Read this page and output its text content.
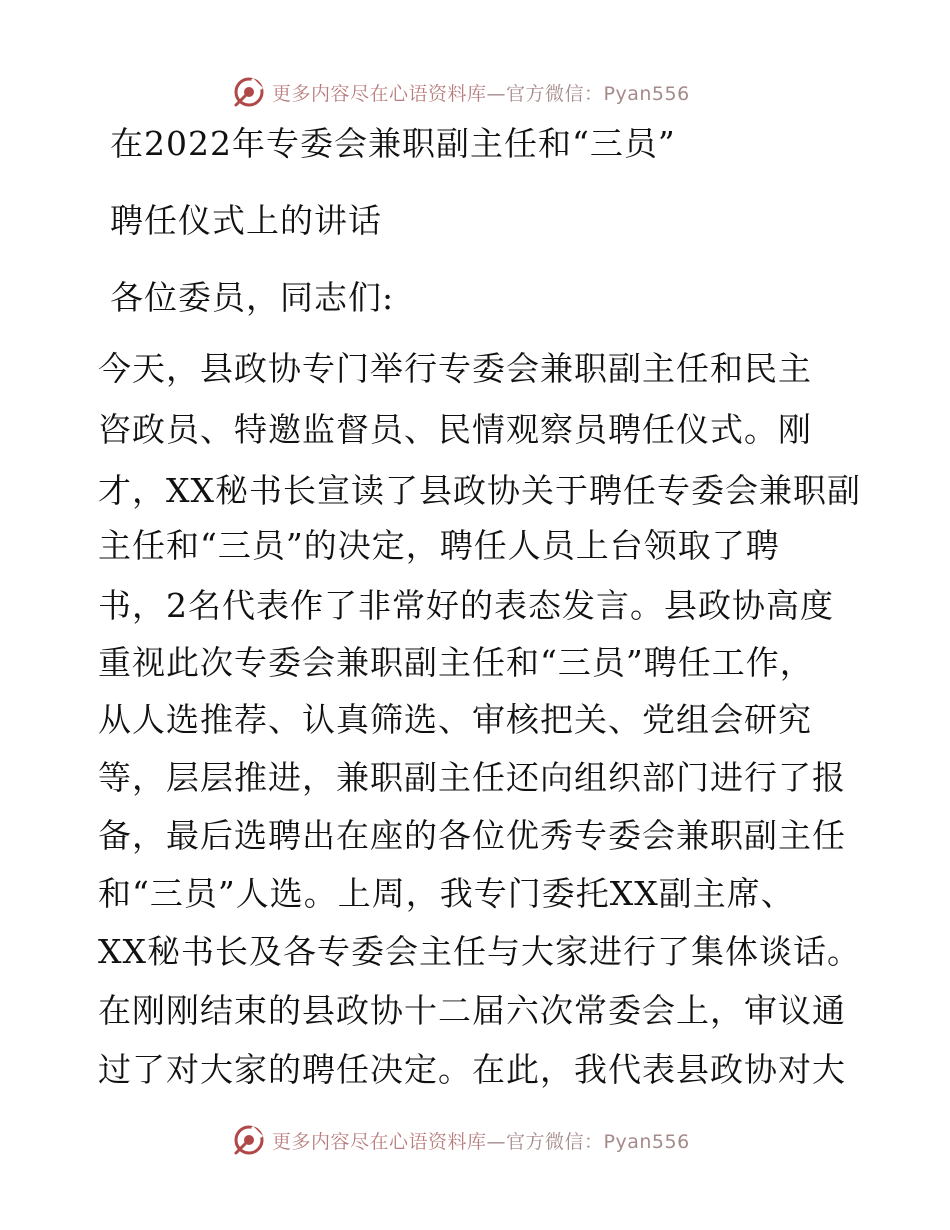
更多内容尽在心语资料库—官方微信：Pyan556
在2022年专委会兼职副主任和“三员”
聘任仪式上的讲话
各位委员，同志们:
今天，县政协专门举行专委会兼职副主任和民主
咨政员、特邀监督员、民情观察员聘任仪式。刚
才，XX秘书长宣读了县政协关于聘任专委会兼职副
主任和“三员”的决定，聘任人员上台领取了聘
书，2名代表作了非常好的表态发言。县政协高度
重视此次专委会兼职副主任和“三员”聘任工作，
从人选推荐、认真筛选、审核把关、党组会研究
等，层层推进，兼职副主任还向组织部门进行了报
备，最后选聘出在座的各位优秀专委会兼职副主任
和“三员”人选。上周，我专门委托XX副主席、
XX秘书长及各专委会主任与大家进行了集体谈话。
在刚刚结束的县政协十二届六次常委会上，审议通
过了对大家的聘任决定。在此，我代表县政协对大
更多内容尽在心语资料库—官方微信：Pyan556
